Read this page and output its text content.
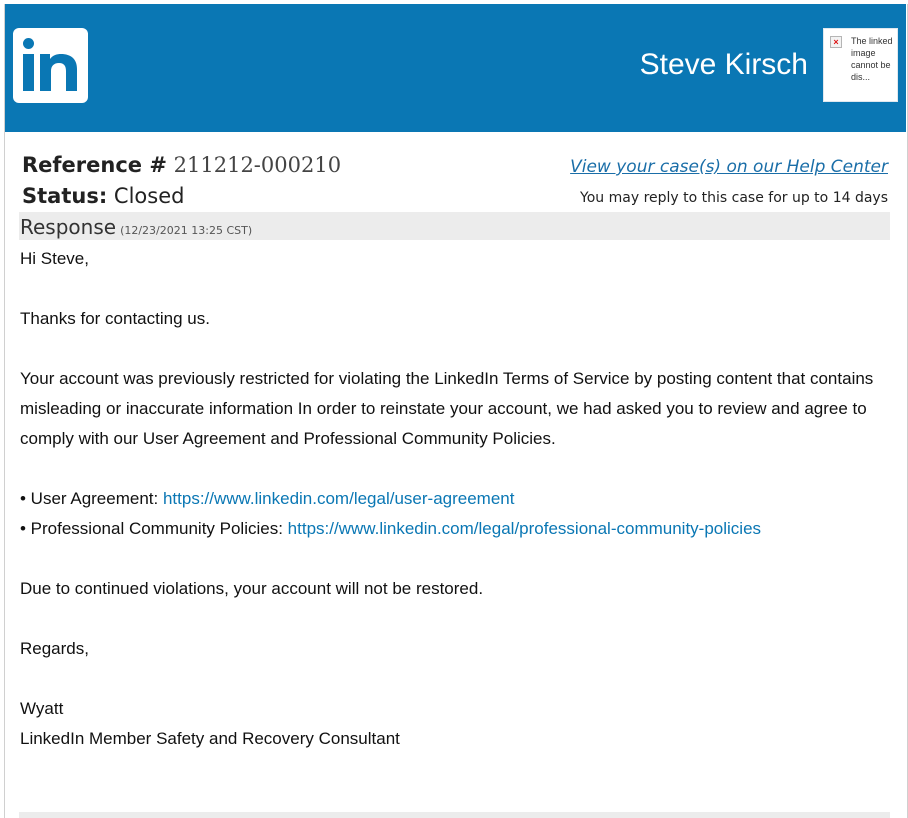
Steve Kirsch
×	The linked image cannot be dis...
Reference # 211212-000210
Status: Closed
View your case(s) on our Help Center
You may reply to this case for up to 14 days
Response (12/23/2021 13:25 CST)

Hi Steve,

Thanks for contacting us.

Your account was previously restricted for violating the LinkedIn Terms of Service by posting content that contains misleading or inaccurate information In order to reinstate your account, we had asked you to review and agree to comply with our User Agreement and Professional Community Policies.

• User Agreement: https://www.linkedin.com/legal/user-agreement

• Professional Community Policies: https://www.linkedin.com/legal/professional-community-policies

Due to continued violations, your account will not be restored.

Regards,

Wyatt
LinkedIn Member Safety and Recovery Consultant
